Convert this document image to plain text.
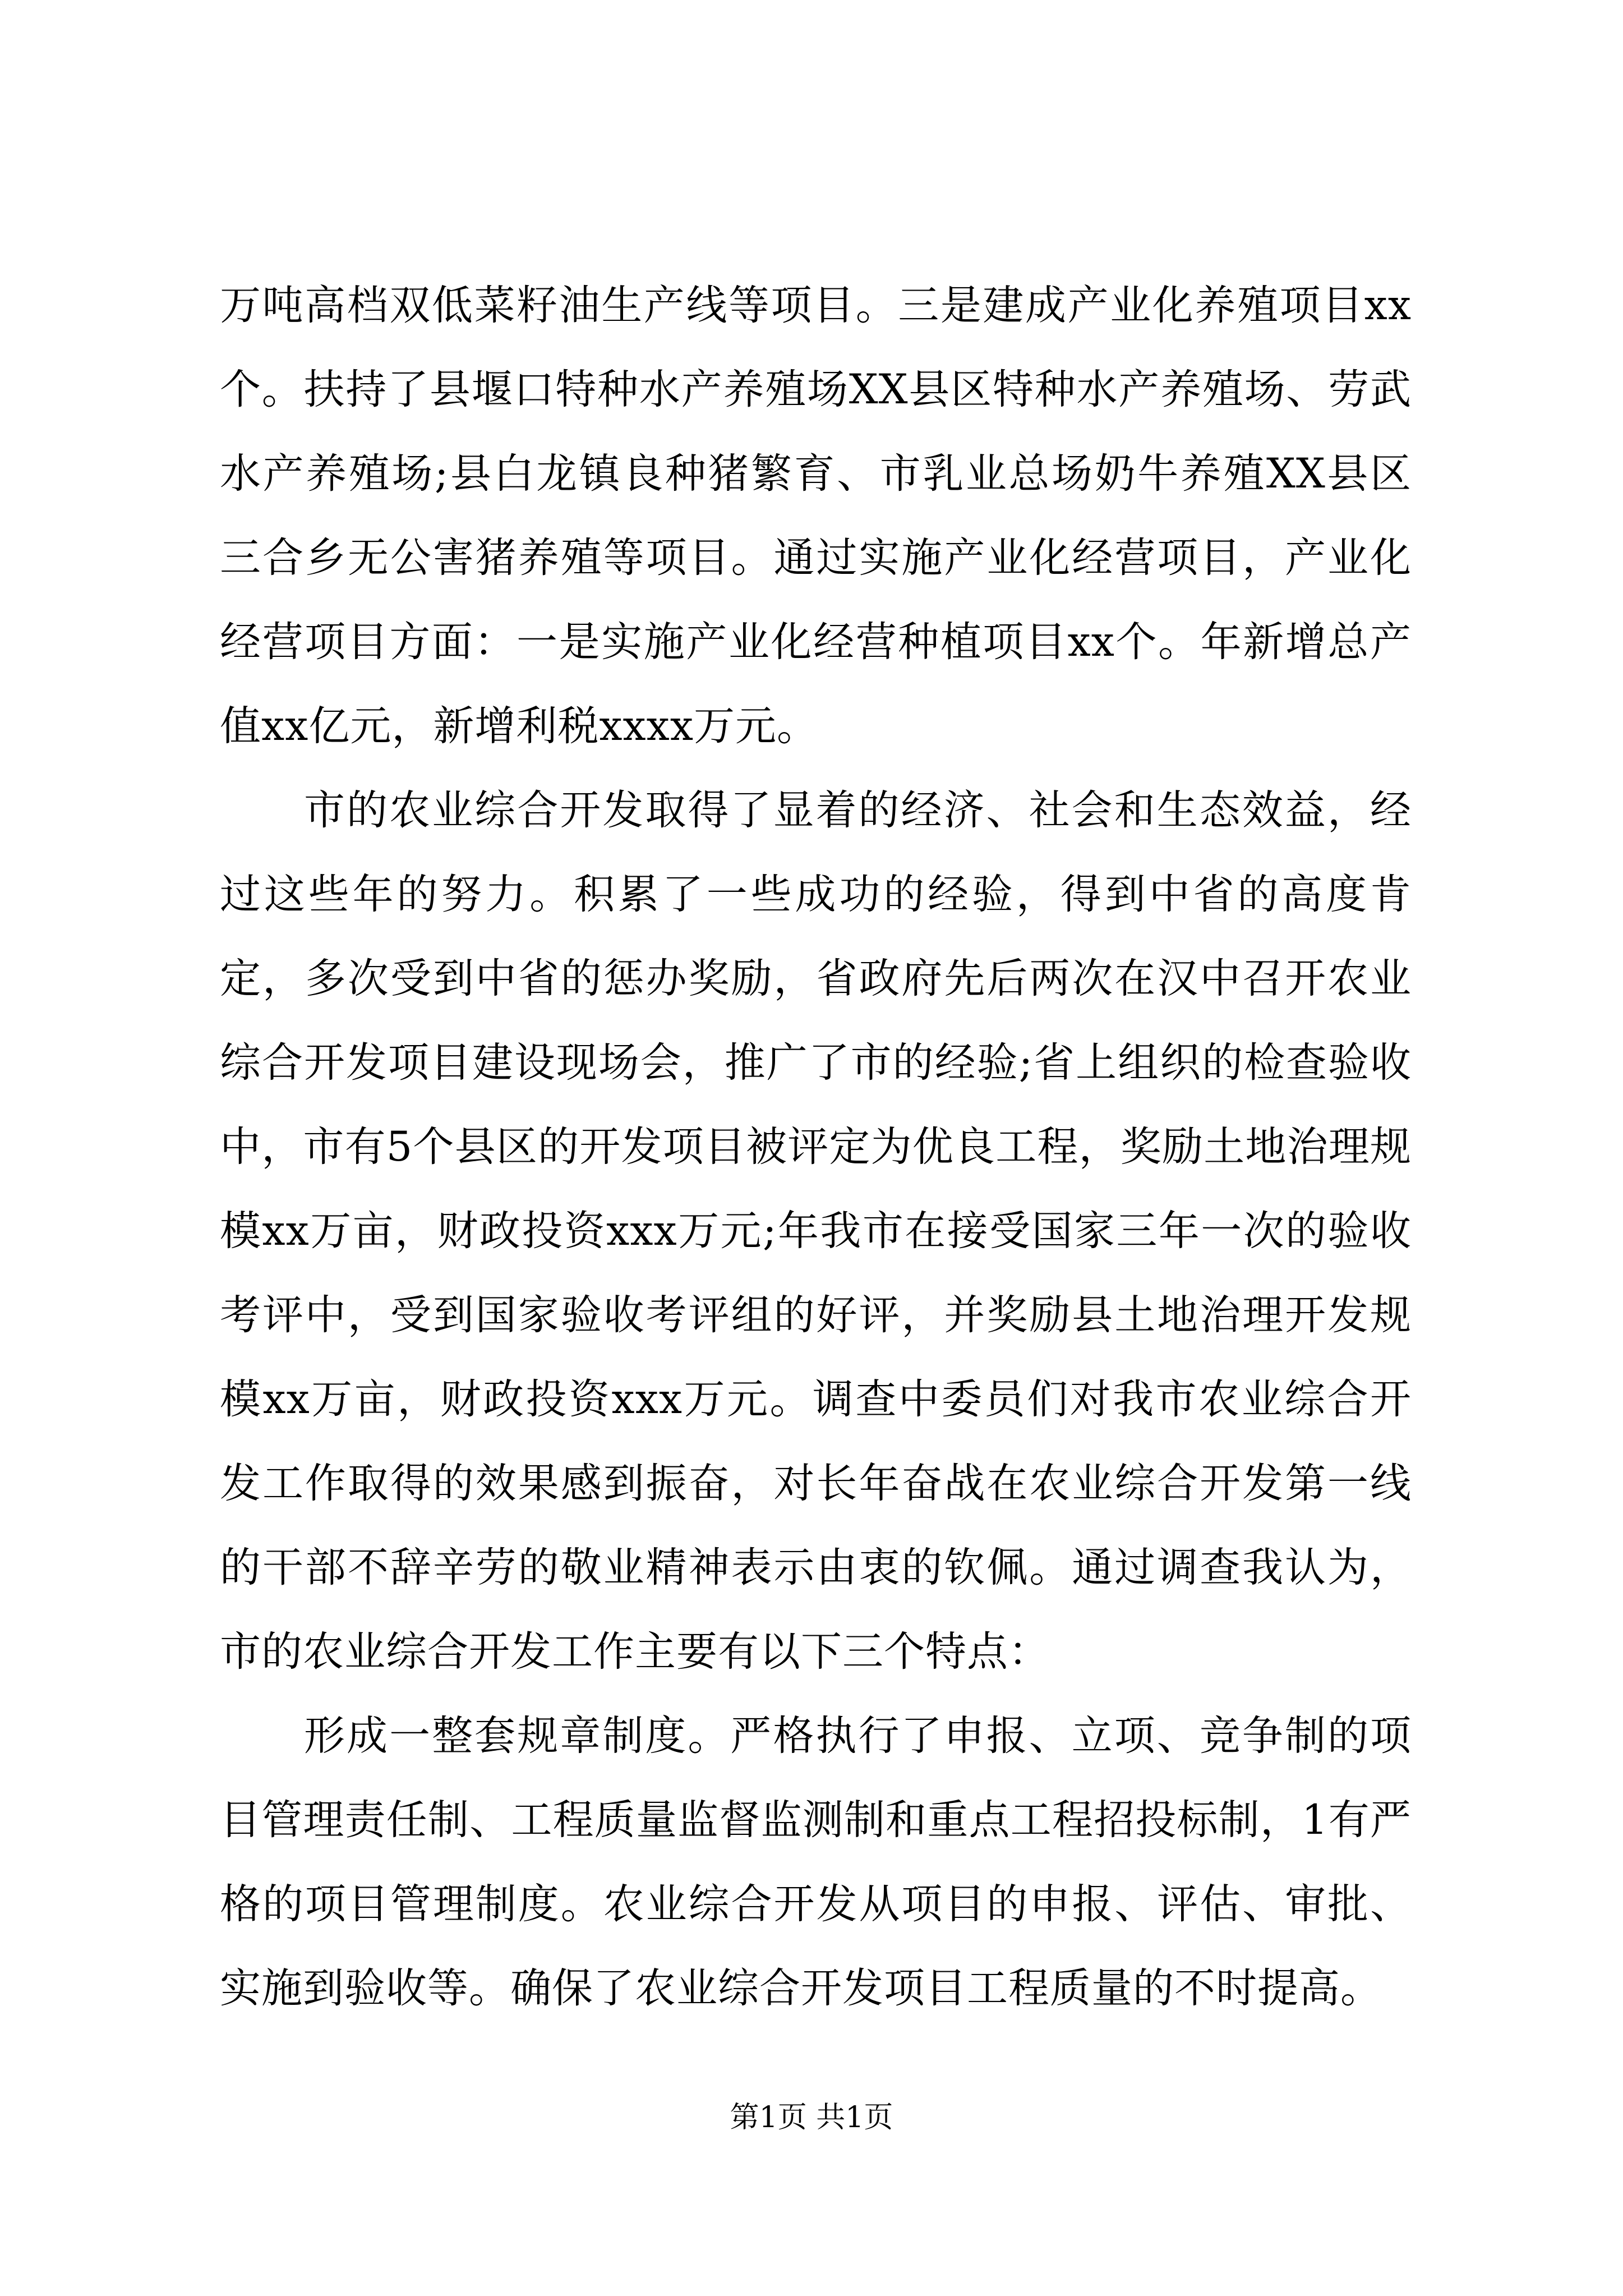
万吨高档双低菜籽油生产线等项目。三是建成产业化养殖项目xx个。扶持了县堰口特种水产养殖场XX县区特种水产养殖场、劳武水产养殖场;县白龙镇良种猪繁育、市乳业总场奶牛养殖XX县区三合乡无公害猪养殖等项目。通过实施产业化经营项目，产业化经营项目方面：一是实施产业化经营种植项目xx个。年新增总产值xx亿元，新增利税xxxx万元。

市的农业综合开发取得了显着的经济、社会和生态效益，经过这些年的努力。积累了一些成功的经验，得到中省的高度肯定，多次受到中省的惩办奖励，省政府先后两次在汉中召开农业综合开发项目建设现场会，推广了市的经验;省上组织的检查验收中，市有5个县区的开发项目被评定为优良工程，奖励土地治理规模xx万亩，财政投资xxx万元;年我市在接受国家三年一次的验收考评中，受到国家验收考评组的好评，并奖励县土地治理开发规模xx万亩，财政投资xxx万元。调查中委员们对我市农业综合开发工作取得的效果感到振奋，对长年奋战在农业综合开发第一线的干部不辞辛劳的敬业精神表示由衷的钦佩。通过调查我认为，市的农业综合开发工作主要有以下三个特点：

形成一整套规章制度。严格执行了申报、立项、竞争制的项目管理责任制、工程质量监督监测制和重点工程招投标制，1有严格的项目管理制度。农业综合开发从项目的申报、评估、审批、实施到验收等。确保了农业综合开发项目工程质量的不时提高。

第1页 共1页
